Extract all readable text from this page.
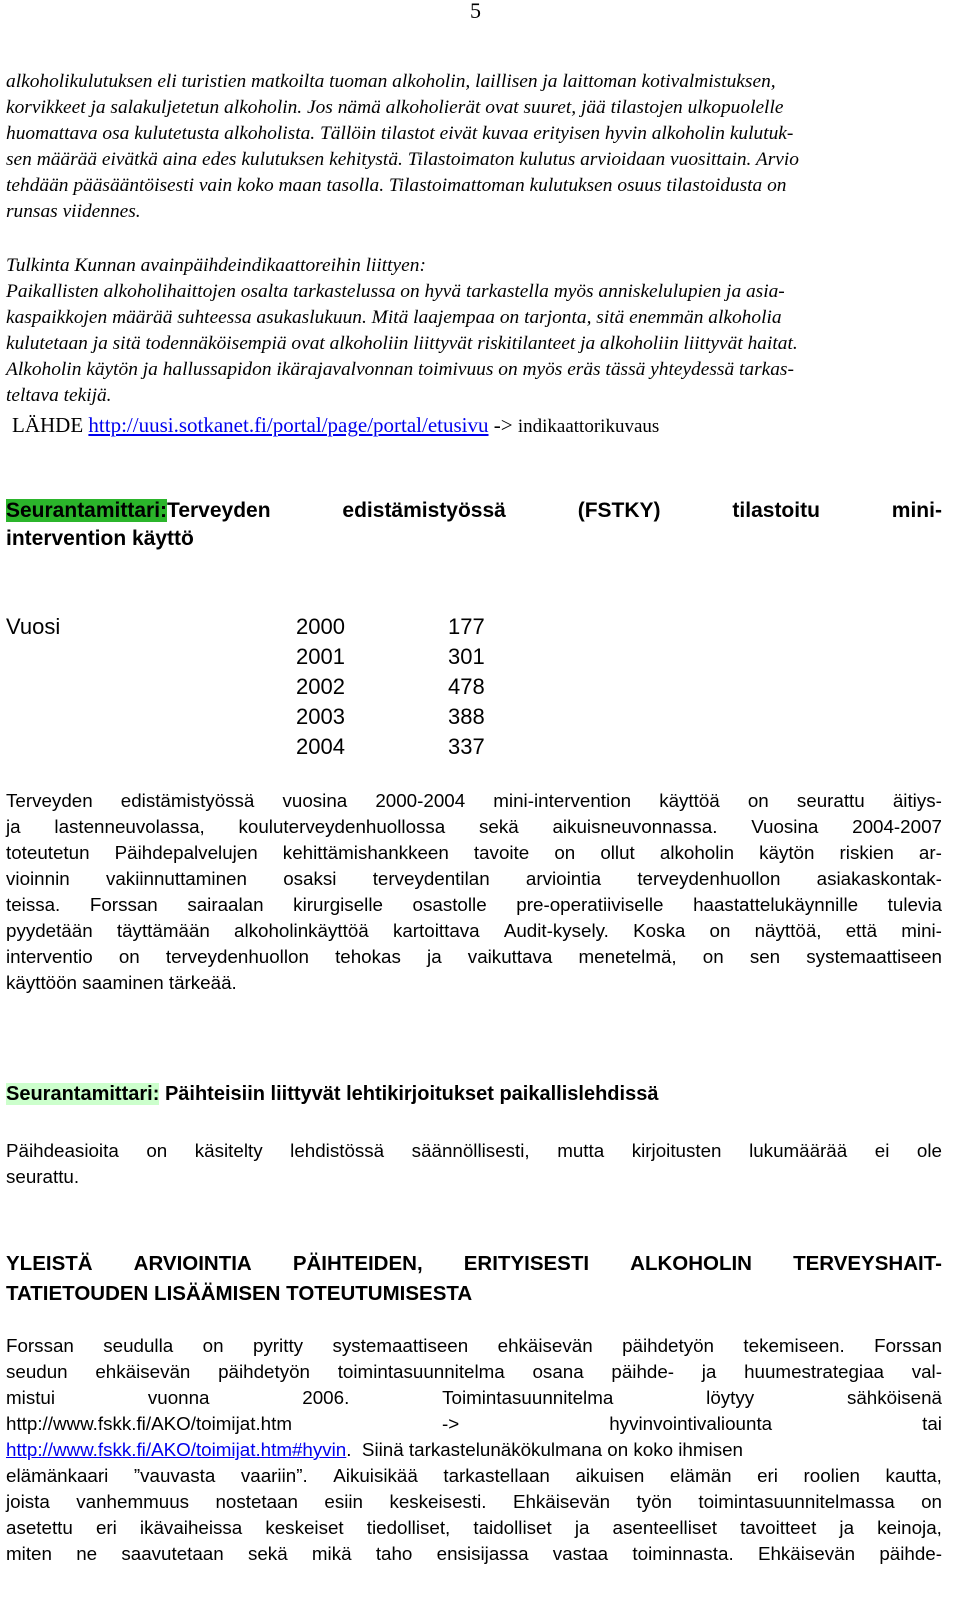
5
alkoholikulutuksen eli turistien matkoilta tuoman alkoholin, laillisen ja laittoman kotivalmistuksen,
korvikkeet ja salakuljetetun alkoholin. Jos nämä alkoholierät ovat suuret, jää tilastojen ulkopuolelle
huomattava osa kulutetusta alkoholista. Tällöin tilastot eivät kuvaa erityisen hyvin alkoholin kulutuk-
sen määrää eivätkä aina edes kulutuksen kehitystä. Tilastoimaton kulutus arvioidaan vuosittain. Arvio
tehdään pääsääntöisesti vain koko maan tasolla. Tilastoimattoman kulutuksen osuus tilastoidusta on
runsas viidennes.
Tulkinta Kunnan avainpäihdeindikaattoreihin liittyen:
Paikallisten alkoholihaittojen osalta tarkastelussa on hyvä tarkastella myös anniskelulupien ja asia-
kaspaikkojen määrää suhteessa asukaslukuun. Mitä laajempaa on tarjonta, sitä enemmän alkoholia
kulutetaan ja sitä todennäköisempiä ovat alkoholiin liittyvät riskitilanteet ja alkoholiin liittyvät haitat.
Alkoholin käytön ja hallussapidon ikärajavalvonnan toimivuus on myös eräs tässä yhteydessä tarkas-
teltava tekijä.
LÄHDE http://uusi.sotkanet.fi/portal/page/portal/etusivu -> indikaattorikuvaus
Seurantamittari:Terveyden	edistämistyössä	(FSTKY)	tilastoitu	mini-
intervention käyttö
Vuosi	2000	177
2001	301
2002	478
2003	388
2004	337
Terveyden edistämistyössä vuosina 2000-2004 mini-intervention käyttöä on seurattu äitiys-
ja lastenneuvolassa, kouluterveydenhuollossa sekä aikuisneuvonnassa. Vuosina 2004-2007
toteutetun Päihdepalvelujen kehittämishankkeen tavoite on ollut alkoholin käytön riskien ar-
vioinnin vakiinnuttaminen osaksi terveydentilan arviointia terveydenhuollon asiakaskontak-
teissa. Forssan sairaalan kirurgiselle osastolle pre-operatiiviselle haastattelukäynnille tulevia
pyydetään täyttämään alkoholinkäyttöä kartoittava Audit-kysely. Koska on näyttöä, että mini-
interventio on terveydenhuollon tehokas ja vaikuttava menetelmä, on sen systemaattiseen
käyttöön saaminen tärkeää.
Seurantamittari: Päihteisiin liittyvät lehtikirjoitukset paikallislehdissä
Päihdeasioita on käsitelty lehdistössä säännöllisesti, mutta kirjoitusten lukumäärää ei ole
seurattu.
YLEISTÄ ARVIOINTIA PÄIHTEIDEN, ERITYISESTI ALKOHOLIN TERVEYSHAIT-
TATIETOUDEN LISÄÄMISEN TOTEUTUMISESTA
Forssan seudulla on pyritty systemaattiseen ehkäisevän päihdetyön tekemiseen. Forssan
seudun ehkäisevän päihdetyön toimintasuunnitelma osana päihde- ja huumestrategiaa val-
mistui	vuonna	2006.	Toimintasuunnitelma	löytyy	sähköisenä
http://www.fskk.fi/AKO/toimijat.htm	->	hyvinvointivaliounta	tai
http://www.fskk.fi/AKO/toimijat.htm#hyvin.  Siinä tarkastelunäkökulmana on koko ihmisen
elämänkaari ”vauvasta vaariin”. Aikuisikää tarkastellaan aikuisen elämän eri roolien kautta,
joista vanhemmuus nostetaan esiin keskeisesti. Ehkäisevän työn toimintasuunnitelmassa on
asetettu eri ikävaiheissa keskeiset tiedolliset, taidolliset ja asenteelliset tavoitteet ja keinoja,
miten ne saavutetaan sekä mikä taho ensisijassa vastaa toiminnasta. Ehkäisevän päihde-
